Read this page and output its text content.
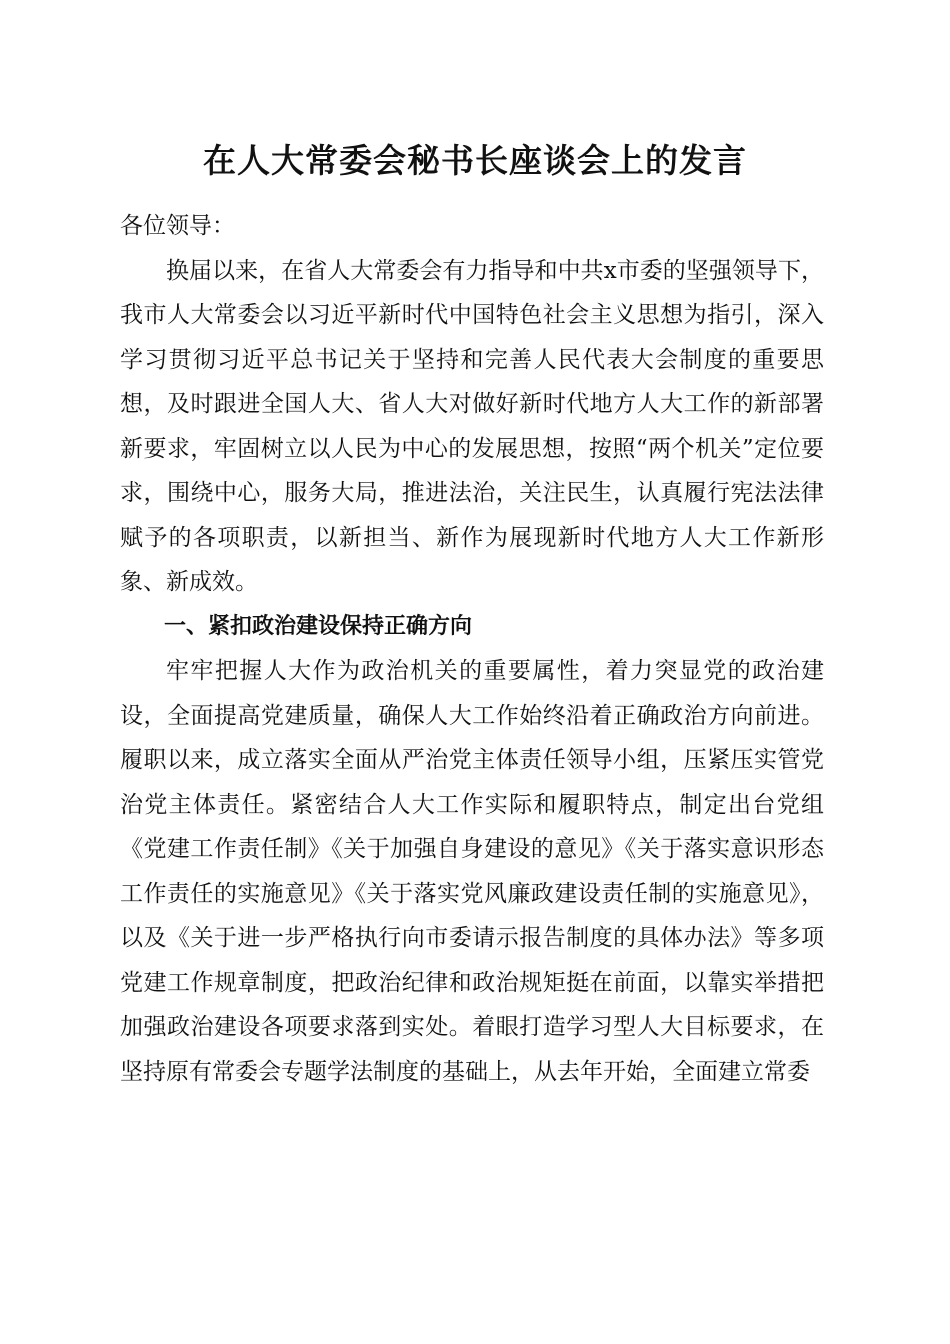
在人大常委会秘书长座谈会上的发言

各位领导：

换届以来，在省人大常委会有力指导和中共x市委的坚强领导下，我市人大常委会以习近平新时代中国特色社会主义思想为指引，深入学习贯彻习近平总书记关于坚持和完善人民代表大会制度的重要思想，及时跟进全国人大、省人大对做好新时代地方人大工作的新部署新要求，牢固树立以人民为中心的发展思想，按照“两个机关”定位要求，围绕中心，服务大局，推进法治，关注民生，认真履行宪法法律赋予的各项职责，以新担当、新作为展现新时代地方人大工作新形象、新成效。

一、紧扣政治建设保持正确方向

牢牢把握人大作为政治机关的重要属性，着力突显党的政治建设，全面提高党建质量，确保人大工作始终沿着正确政治方向前进。履职以来，成立落实全面从严治党主体责任领导小组，压紧压实管党治党主体责任。紧密结合人大工作实际和履职特点，制定出台党组《党建工作责任制》《关于加强自身建设的意见》《关于落实意识形态工作责任的实施意见》《关于落实党风廉政建设责任制的实施意见》，以及《关于进一步严格执行向市委请示报告制度的具体办法》等多项党建工作规章制度，把政治纪律和政治规矩挺在前面，以靠实举措把加强政治建设各项要求落到实处。着眼打造学习型人大目标要求，在坚持原有常委会专题学法制度的基础上，从去年开始，全面建立常委
